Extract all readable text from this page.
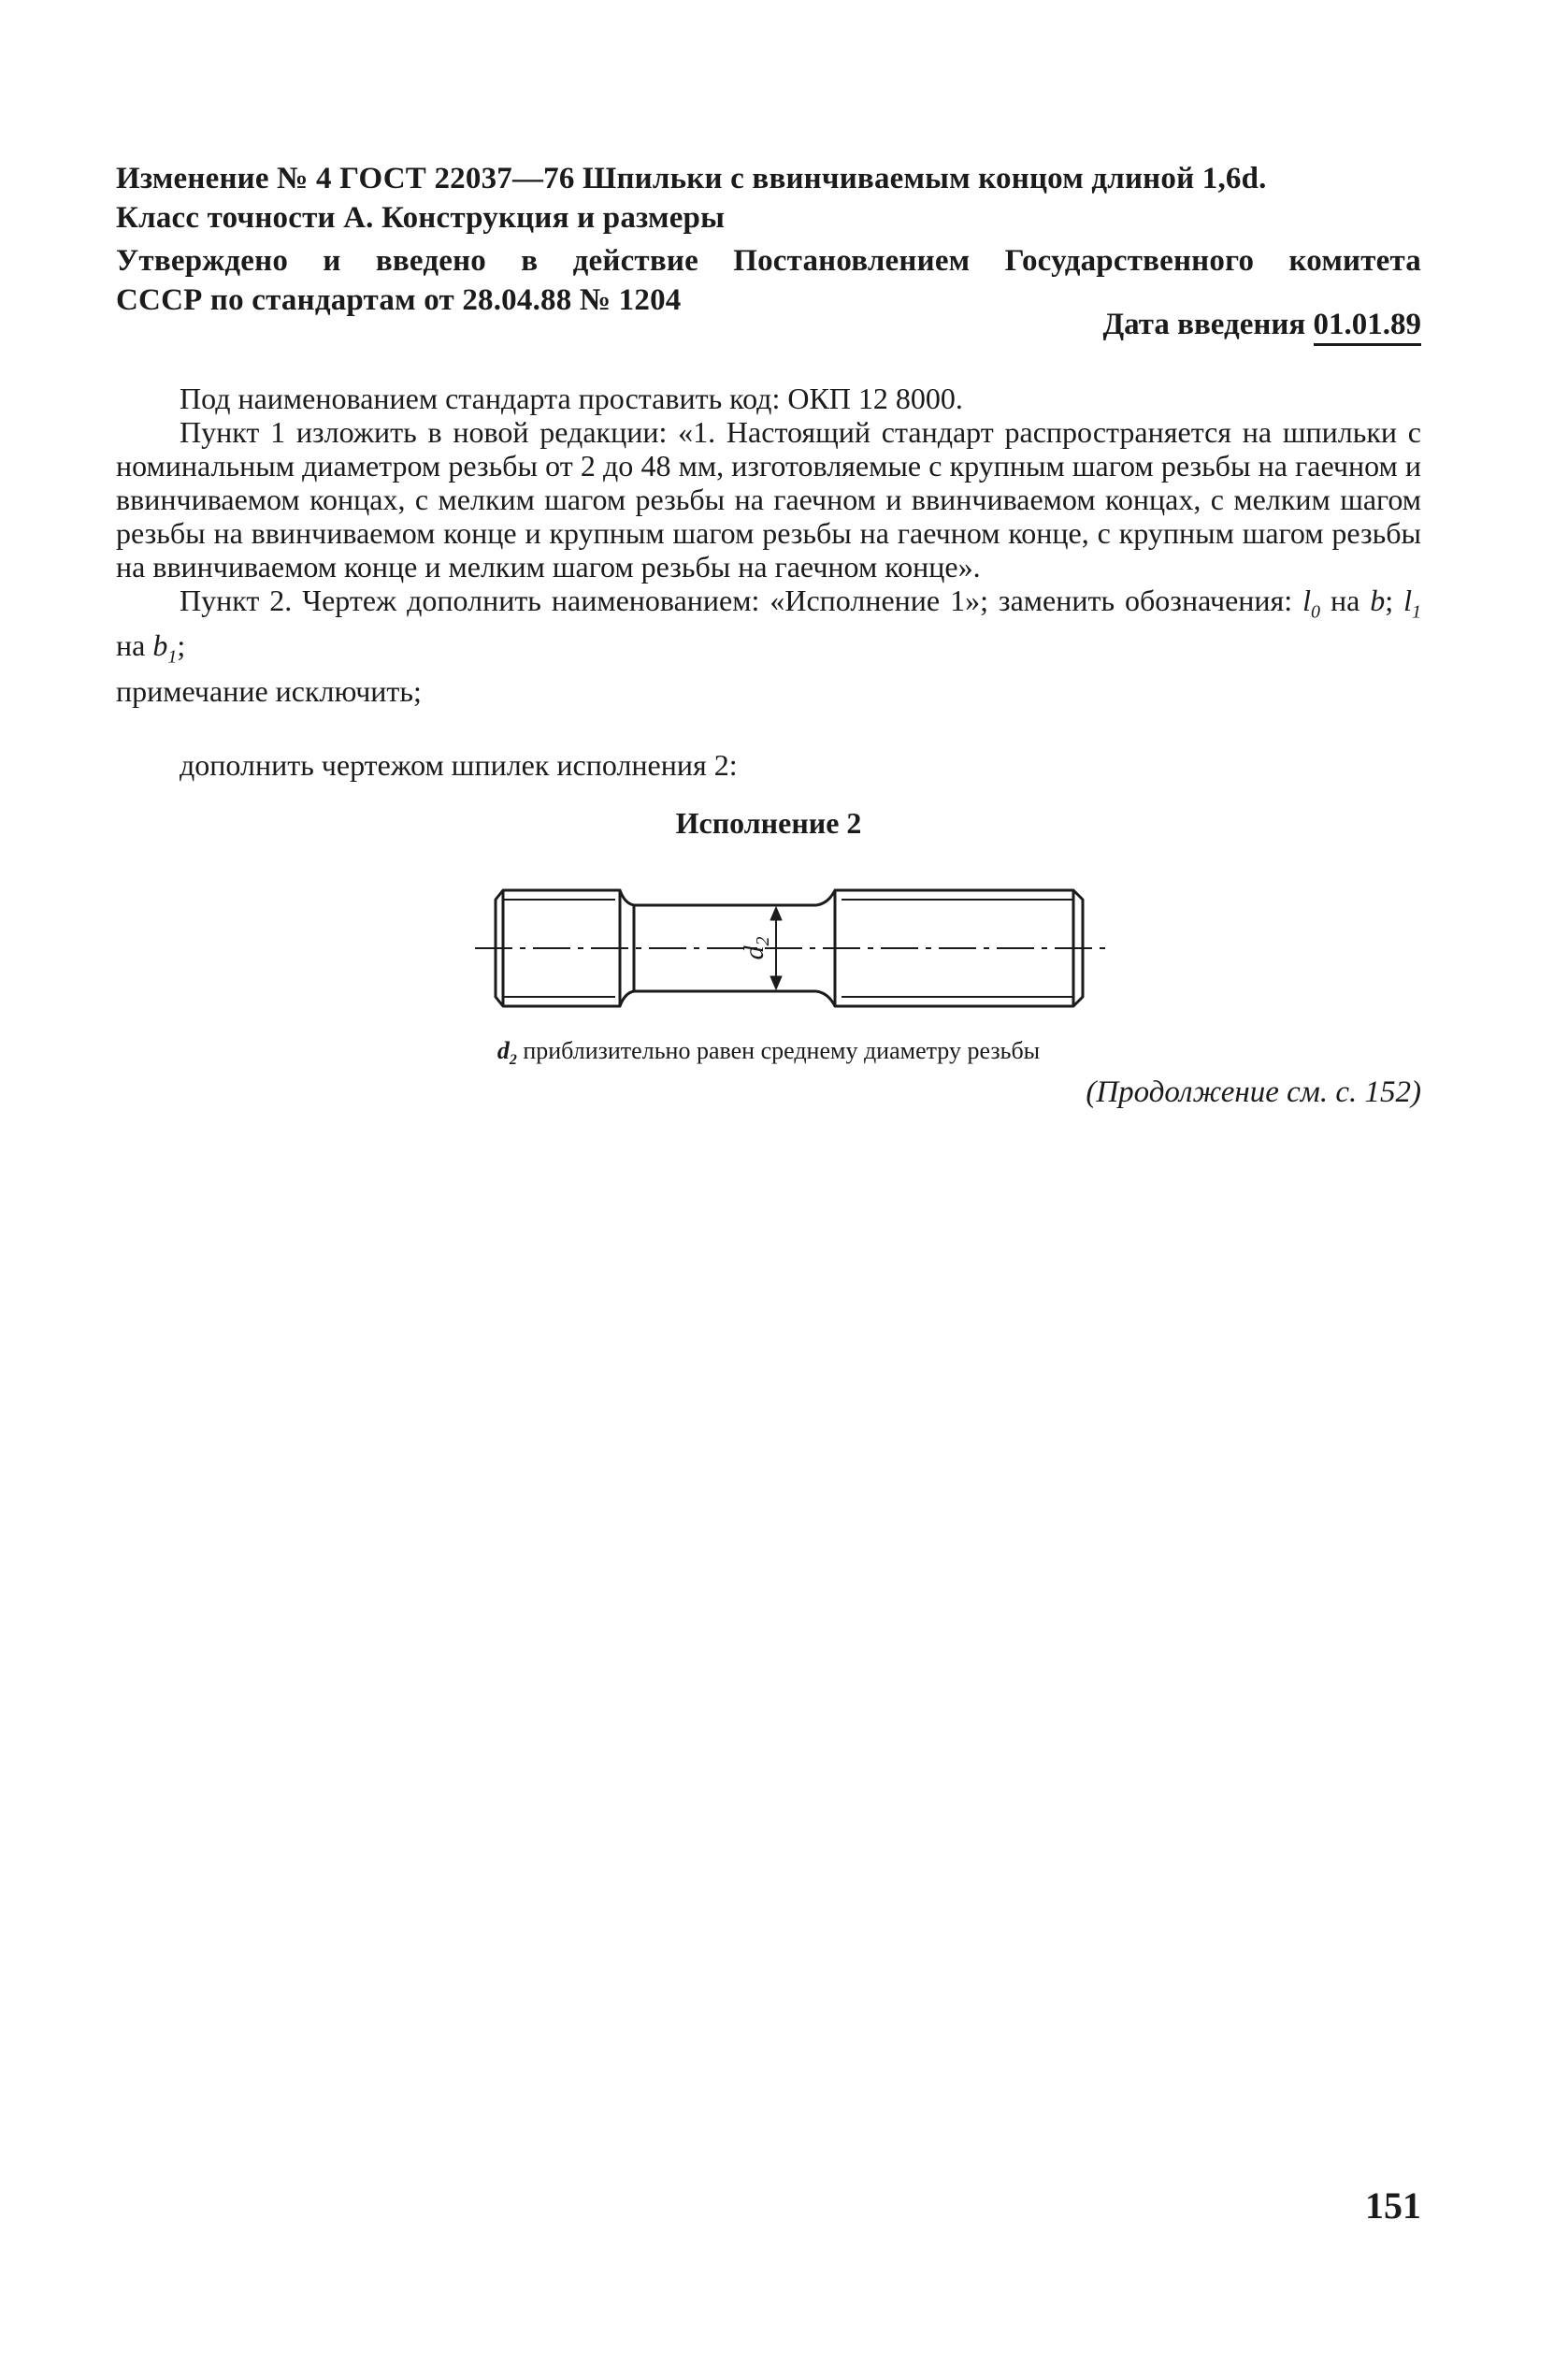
Изменение № 4 ГОСТ 22037—76 Шпильки с ввинчиваемым концом длиной 1,6d.
Класс точности А. Конструкция и размеры
Утверждено и введено в действие Постановлением Государственного комитета
СССР по стандартам от 28.04.88 № 1204
Дата введения 01.01.89

Под наименованием стандарта проставить код: ОКП 12 8000.

Пункт 1 изложить в новой редакции: «1. Настоящий стандарт распространяется на шпильки с номинальным диаметром резьбы от 2 до 48 мм, изготовляемые с крупным шагом резьбы на гаечном и ввинчиваемом концах, с мелким шагом резьбы на гаечном и ввинчиваемом концах, с мелким шагом резьбы на ввинчиваемом конце и крупным шагом резьбы на гаечном конце, с крупным шагом резьбы на ввинчиваемом конце и мелким шагом резьбы на гаечном конце».

Пункт 2. Чертеж дополнить наименованием: «Исполнение 1»; заменить обозначения: $l_0$ на b; $l_1$ на $b_1$;

примечание исключить;

дополнить чертежом шпилек исполнения 2:

Исполнение 2
$d_2$
$d_2$ приблизительно равен среднему диаметру резьбы
(Продолжение см. с. 152)
151
